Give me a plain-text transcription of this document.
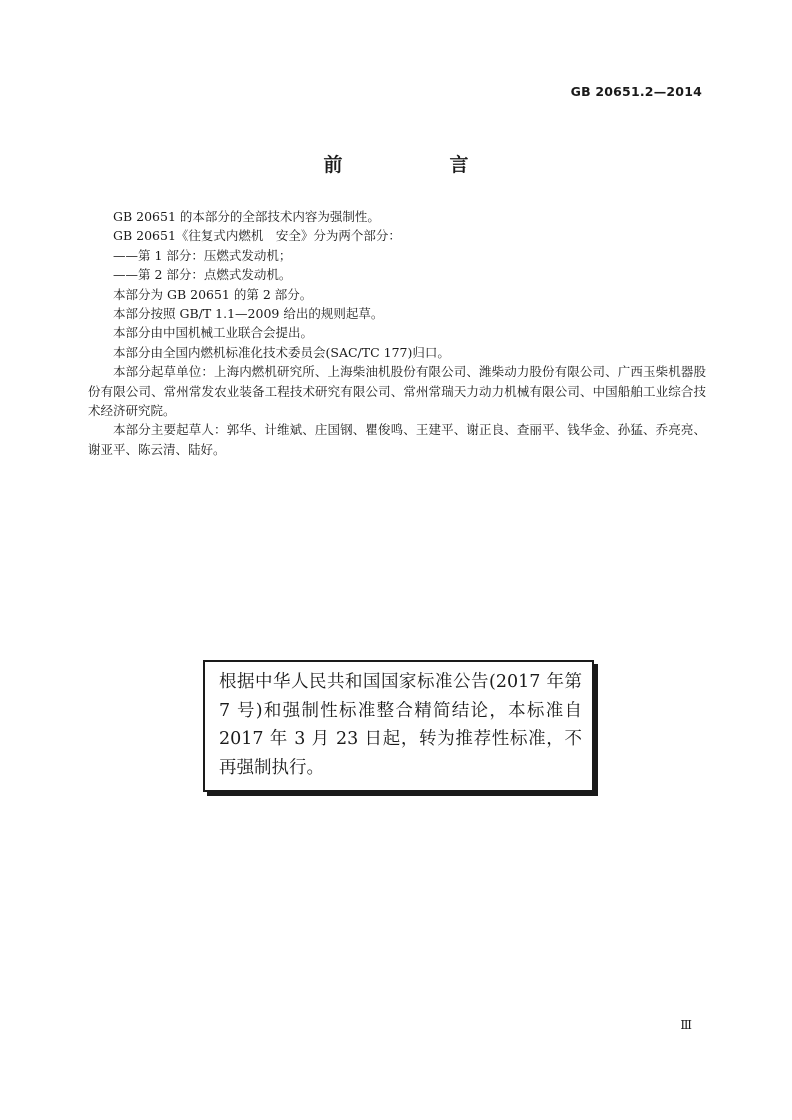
GB 20651.2—2014
前　言

GB 20651 的本部分的全部技术内容为强制性。

GB 20651《往复式内燃机　安全》分为两个部分：

——第 1 部分：压燃式发动机；

——第 2 部分：点燃式发动机。

本部分为 GB 20651 的第 2 部分。

本部分按照 GB/T 1.1—2009 给出的规则起草。

本部分由中国机械工业联合会提出。

本部分由全国内燃机标准化技术委员会(SAC/TC 177)归口。

本部分起草单位：上海内燃机研究所、上海柴油机股份有限公司、潍柴动力股份有限公司、广西玉柴机器股份有限公司、常州常发农业装备工程技术研究有限公司、常州常瑞天力动力机械有限公司、中国船舶工业综合技术经济研究院。

本部分主要起草人：郭华、计维斌、庄国钢、瞿俊鸣、王建平、谢正良、查丽平、钱华金、孙猛、乔亮亮、谢亚平、陈云清、陆好。

根据中华人民共和国国家标准公告(2017 年第 7 号)和强制性标准整合精简结论，本标准自 2017 年 3 月 23 日起，转为推荐性标准，不再强制执行。
Ⅲ
